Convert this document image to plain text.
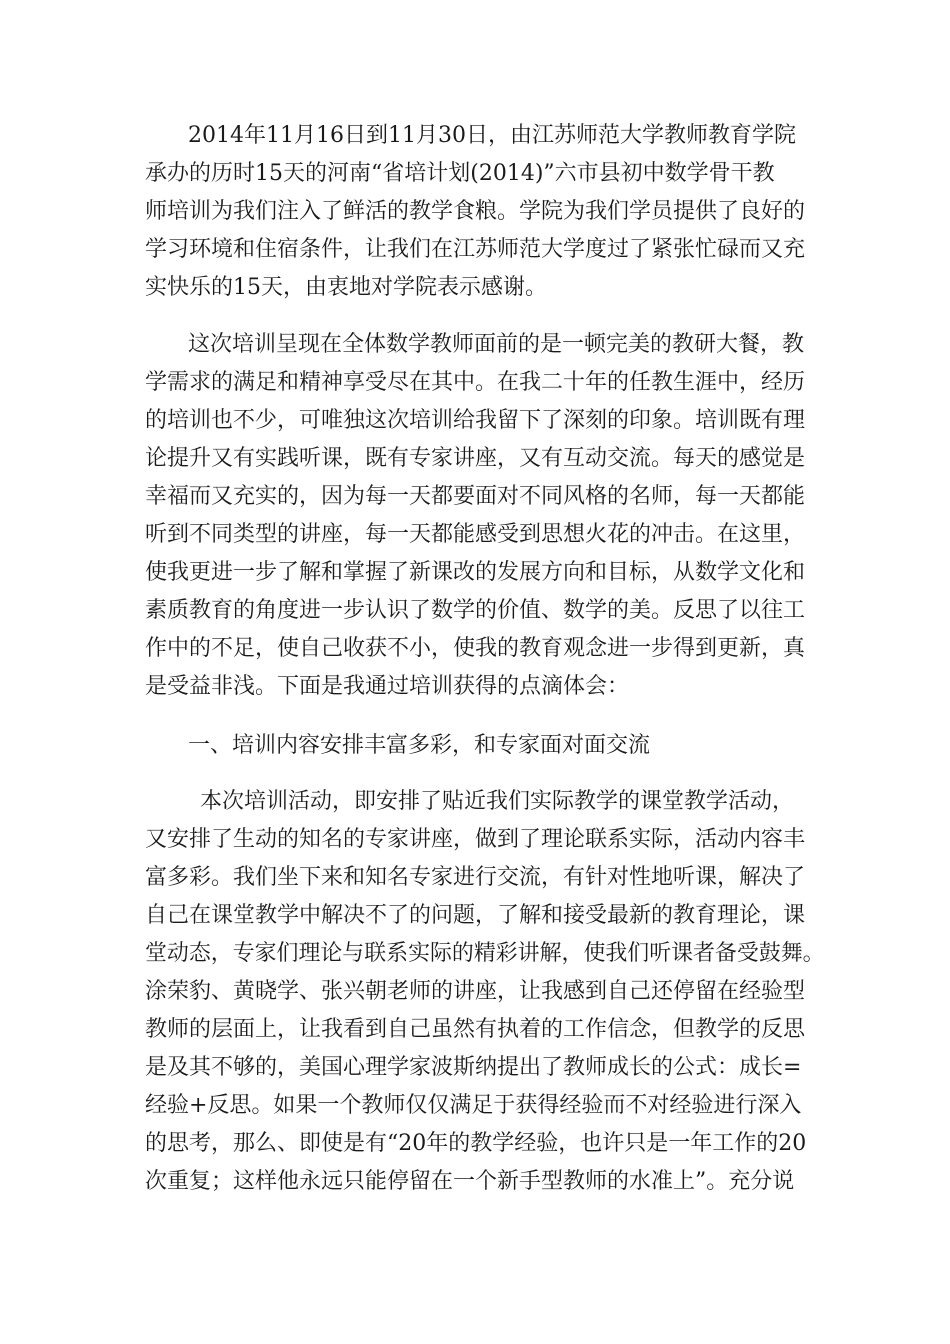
2014年11月16日到11月30日，由江苏师范大学教师教育学院
承办的历时15天的河南“省培计划(2014)”六市县初中数学骨干教
师培训为我们注入了鲜活的教学食粮。学院为我们学员提供了良好的
学习环境和住宿条件，让我们在江苏师范大学度过了紧张忙碌而又充
实快乐的15天，由衷地对学院表示感谢。
这次培训呈现在全体数学教师面前的是一顿完美的教研大餐，教
学需求的满足和精神享受尽在其中。在我二十年的任教生涯中，经历
的培训也不少，可唯独这次培训给我留下了深刻的印象。培训既有理
论提升又有实践听课，既有专家讲座，又有互动交流。每天的感觉是
幸福而又充实的，因为每一天都要面对不同风格的名师，每一天都能
听到不同类型的讲座，每一天都能感受到思想火花的冲击。在这里，
使我更进一步了解和掌握了新课改的发展方向和目标，从数学文化和
素质教育的角度进一步认识了数学的价值、数学的美。反思了以往工
作中的不足，使自己收获不小，使我的教育观念进一步得到更新，真
是受益非浅。下面是我通过培训获得的点滴体会：
一、培训内容安排丰富多彩，和专家面对面交流
本次培训活动，即安排了贴近我们实际教学的课堂教学活动，
又安排了生动的知名的专家讲座，做到了理论联系实际，活动内容丰
富多彩。我们坐下来和知名专家进行交流，有针对性地听课，解决了
自己在课堂教学中解决不了的问题，了解和接受最新的教育理论，课
堂动态，专家们理论与联系实际的精彩讲解，使我们听课者备受鼓舞。
涂荣豹、黄晓学、张兴朝老师的讲座，让我感到自己还停留在经验型
教师的层面上，让我看到自己虽然有执着的工作信念，但教学的反思
是及其不够的，美国心理学家波斯纳提出了教师成长的公式：成长=
经验+反思。如果一个教师仅仅满足于获得经验而不对经验进行深入
的思考，那么、即使是有“20年的教学经验，也许只是一年工作的20
次重复；这样他永远只能停留在一个新手型教师的水准上”。充分说
